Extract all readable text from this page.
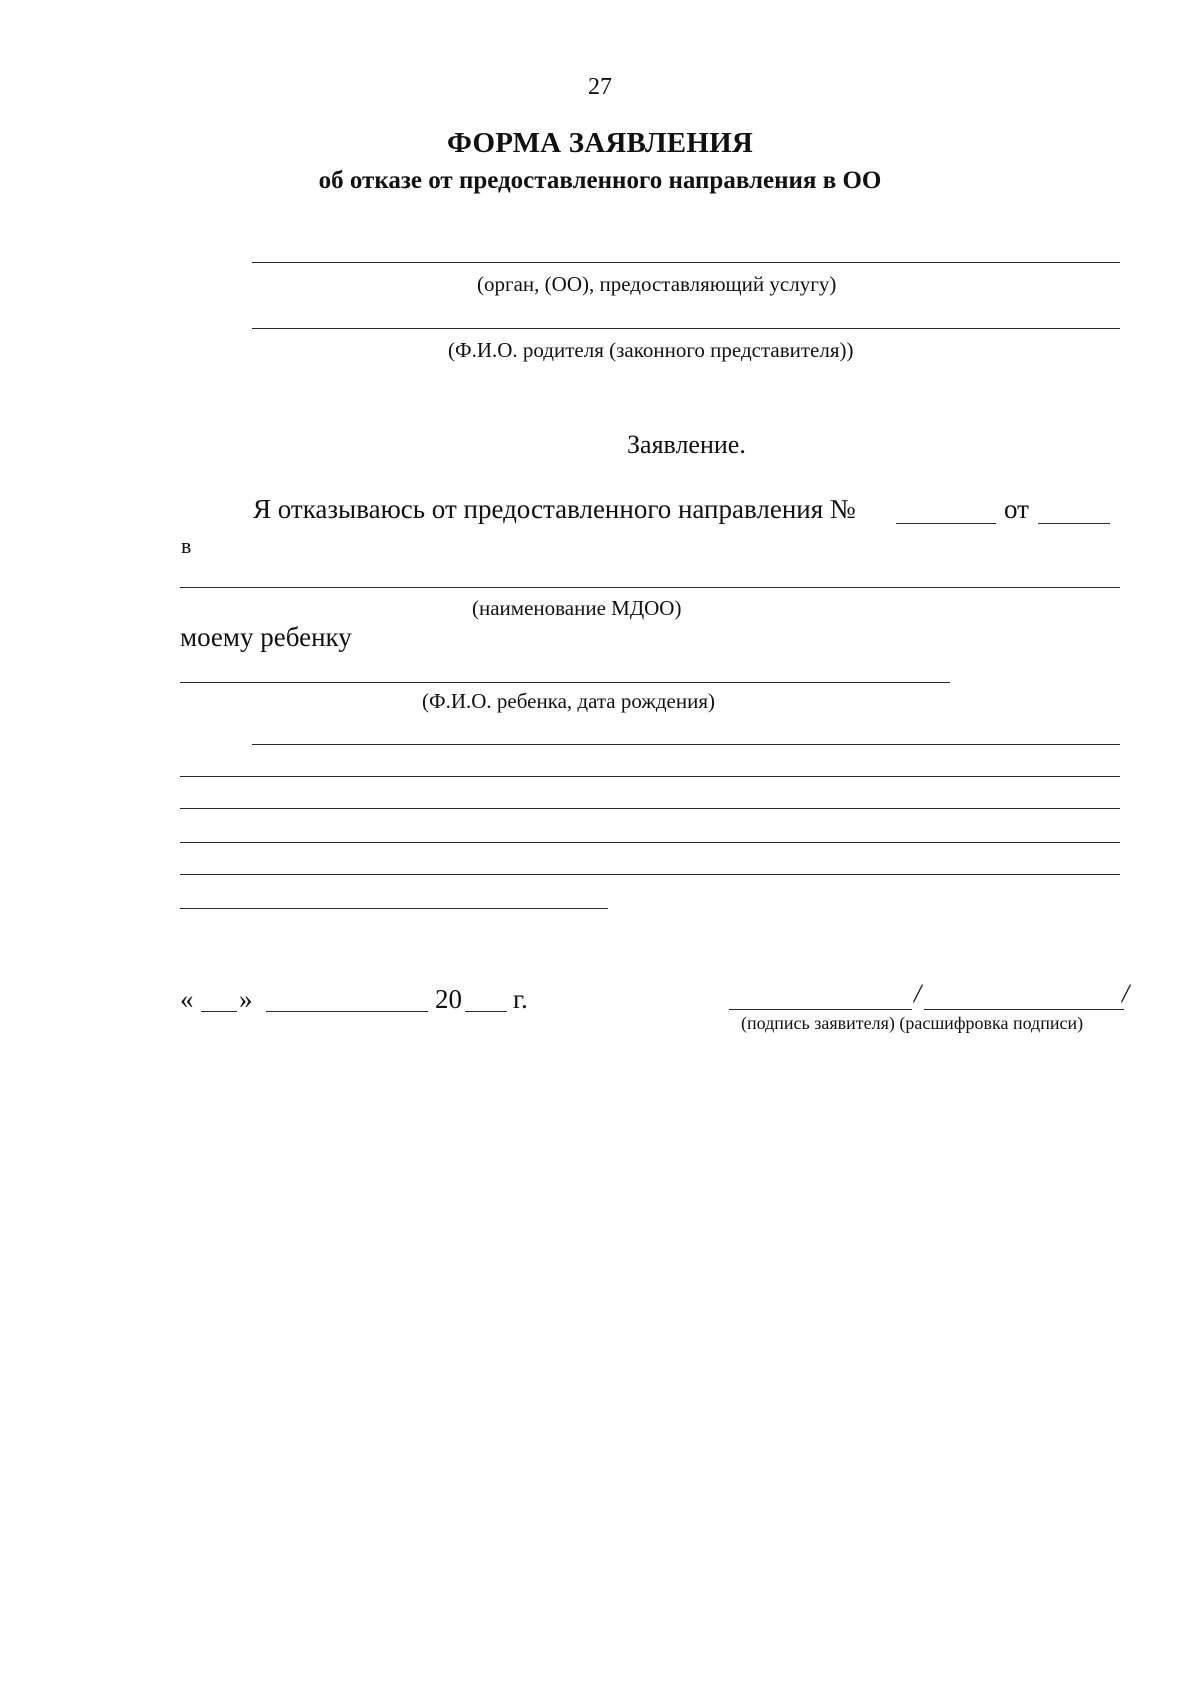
27
ФОРМА ЗАЯВЛЕНИЯ
об отказе от предоставленного направления в ОО
(орган, (ОО), предоставляющий услугу)
(Ф.И.О. родителя (законного представителя))
Заявление.
Я отказываюсь от предоставленного направления №	от
в
(наименование МДОО)
моему ребенку
(Ф.И.О. ребенка, дата рождения)
« »	20 г.	/	/
(подпись заявителя) (расшифровка подписи)
